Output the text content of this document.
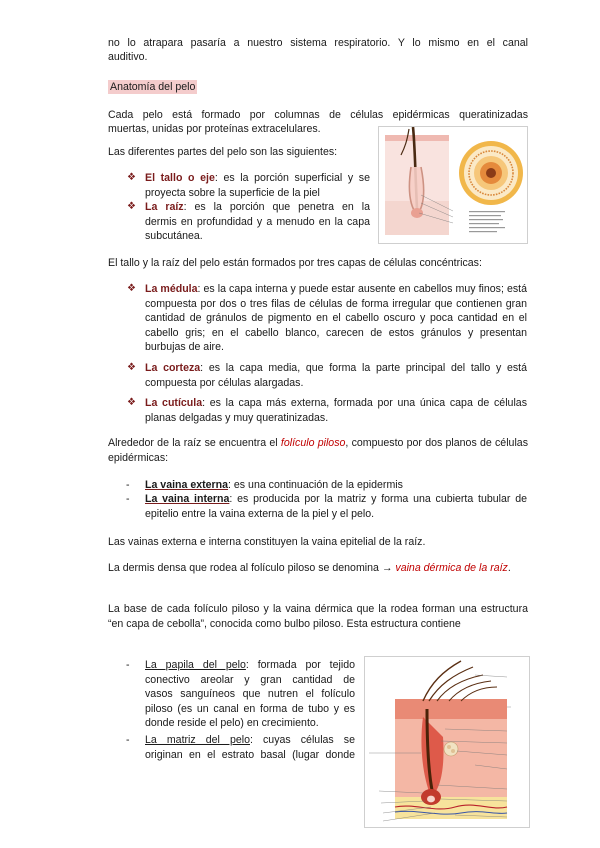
no lo atrapara pasaría a nuestro sistema respiratorio. Y lo mismo en el canal

auditivo.

Anatomía del pelo

Cada pelo está formado por columnas de células epidérmicas queratinizadas

muertas, unidas por proteínas extracelulares.

Las diferentes partes del pelo son las siguientes:

❖ El tallo o eje: es la porción superficial y se
proyecta sobre la superficie de la piel
❖ La raíz: es la porción que penetra en la
dermis en profundidad y a menudo en la capa
subcutánea.

El tallo y la raíz del pelo están formados por tres capas de células concéntricas:

❖ La médula: es la capa interna y puede estar ausente en cabellos muy finos; está compuesta por dos o tres filas de células de forma irregular que contienen gran cantidad de gránulos de pigmento en el cabello oscuro y poca cantidad en el cabello gris; en el cabello blanco, carecen de estos gránulos y presentan burbujas de aire.
❖ La corteza: es la capa media, que forma la parte principal del tallo y está compuesta por células alargadas.
❖ La cutícula: es la capa más externa, formada por una única capa de células planas delgadas y muy queratinizadas.

Alrededor de la raíz se encuentra el folículo piloso, compuesto por dos planos de células epidérmicas:

- La vaina externa: es una continuación de la epidermis
- La vaina interna: es producida por la matriz y forma una cubierta tubular de epitelio entre la vaina externa de la piel y el pelo.

Las vainas externa e interna constituyen la vaina epitelial de la raíz.

La dermis densa que rodea al folículo piloso se denomina → vaina dérmica de la raíz.

La base de cada folículo piloso y la vaina dérmica que la rodea forman una estructura “en capa de cebolla”, conocida como bulbo piloso. Esta estructura contiene

- La papila del pelo: formada por tejido
conectivo areolar y gran cantidad de
vasos sanguíneos que nutren el folículo
piloso (es un canal en forma de tubo y es
donde reside el pelo) en crecimiento.
- La matriz del pelo: cuyas células se
originan en el estrato basal (lugar donde
